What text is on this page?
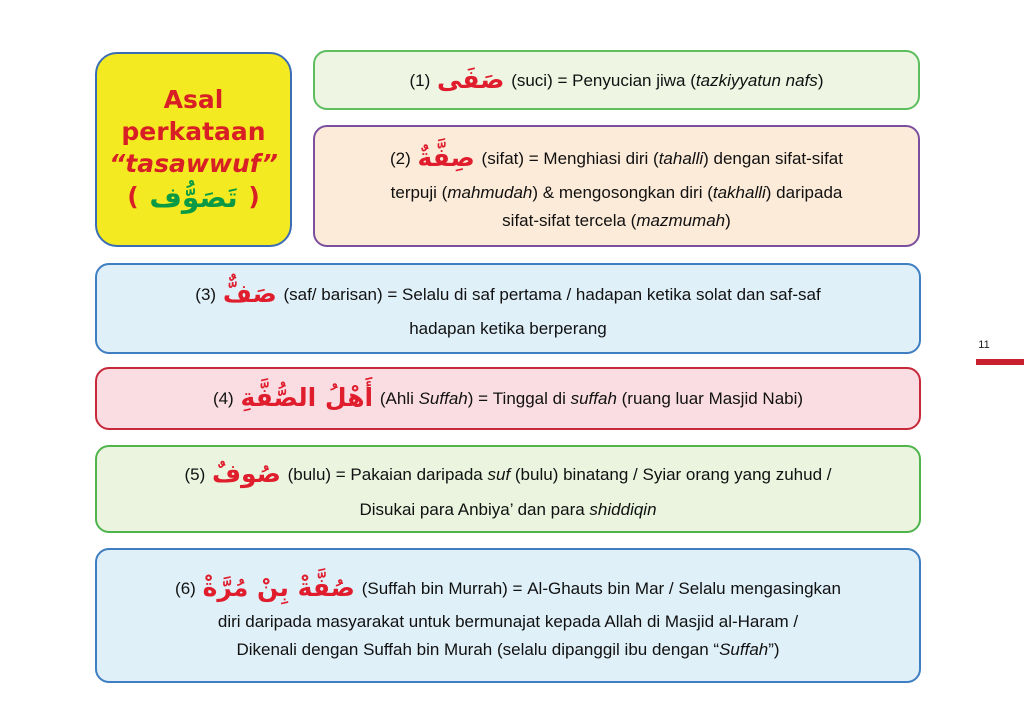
Asal
perkataan
“tasawwuf”
( تَصَوُّف )
(1) صَفَى (suci) = Penyucian jiwa (tazkiyyatun nafs)
(2) صِفَّةٌ (sifat) = Menghiasi diri (tahalli) dengan sifat-sifat
terpuji (mahmudah) & mengosongkan diri (takhalli) daripada
sifat-sifat tercela (mazmumah)
(3) صَفٌّ (saf/ barisan) = Selalu di saf pertama / hadapan ketika solat dan saf-saf
hadapan ketika berperang
(4) أَهْلُ الصُّفَّةِ (Ahli Suffah) = Tinggal di suffah (ruang luar Masjid Nabi)
(5) صُوفٌ (bulu) = Pakaian daripada suf (bulu) binatang / Syiar orang yang zuhud /
Disukai para Anbiya’ dan para shiddiqin
(6) صُفَّةْ بِنْ مُرَّةْ (Suffah bin Murrah) = Al-Ghauts bin Mar / Selalu mengasingkan
diri daripada masyarakat untuk bermunajat kepada Allah di Masjid al-Haram /
Dikenali dengan Suffah bin Murah (selalu dipanggil ibu dengan “Suffah”)
11
